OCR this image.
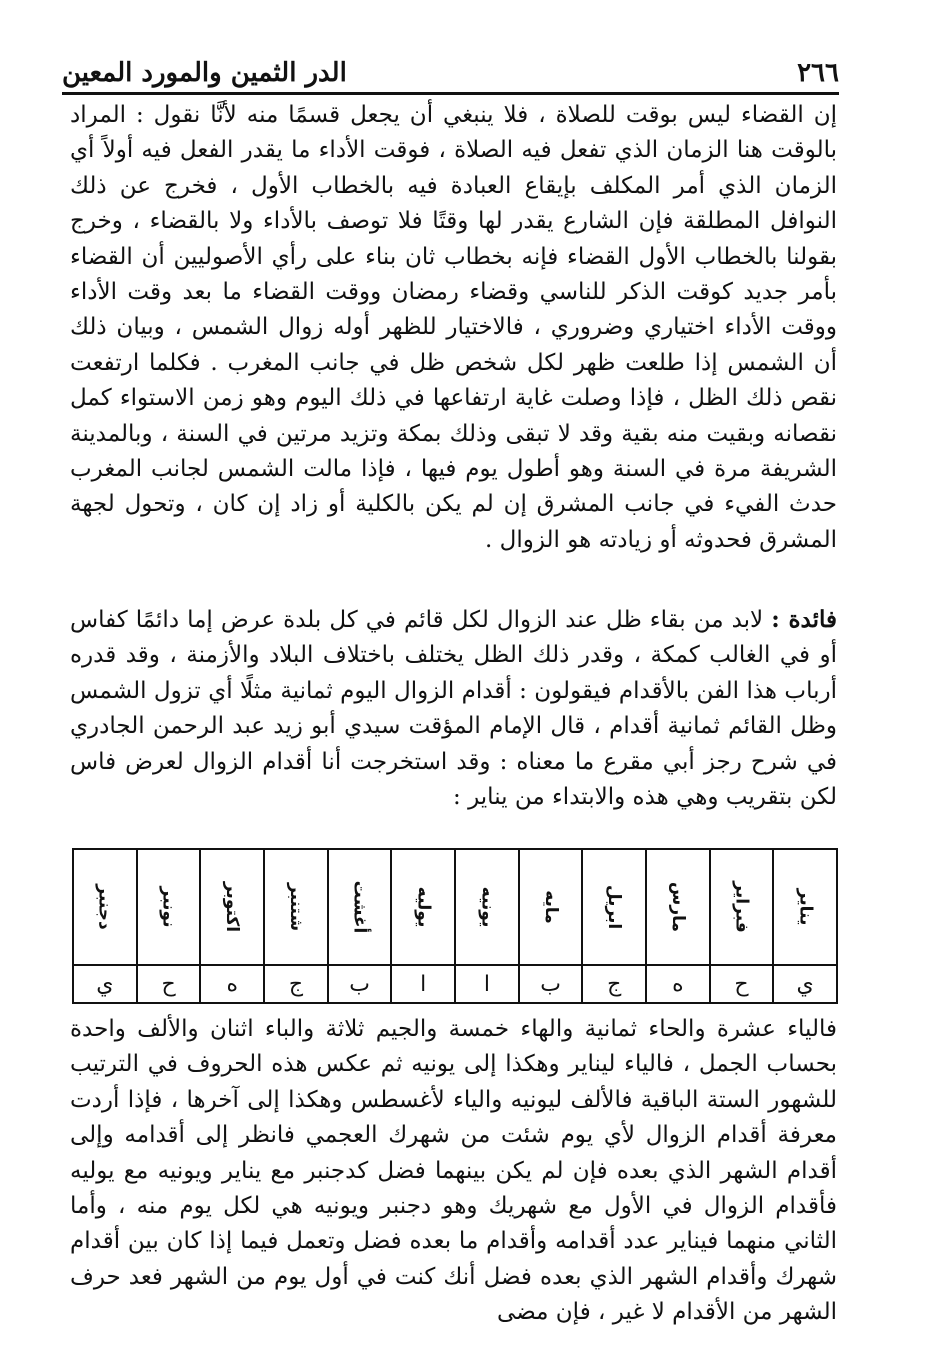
٢٦٦
الدر الثمين والمورد المعين

إن القضاء ليس بوقت للصلاة ، فلا ينبغي أن يجعل قسمًا منه لأنَّا نقول : المراد بالوقت هنا الزمان الذي تفعل فيه الصلاة ، فوقت الأداء ما يقدر الفعل فيه أولاً أي الزمان الذي أمر المكلف بإيقاع العبادة فيه بالخطاب الأول ، فخرج عن ذلك النوافل المطلقة فإن الشارع يقدر لها وقتًا فلا توصف بالأداء ولا بالقضاء ، وخرج بقولنا بالخطاب الأول القضاء فإنه بخطاب ثان بناء على رأي الأصوليين أن القضاء بأمر جديد كوقت الذكر للناسي وقضاء رمضان ووقت القضاء ما بعد وقت الأداء ووقت الأداء اختياري وضروري ، فالاختيار للظهر أوله زوال الشمس ، وبيان ذلك أن الشمس إذا طلعت ظهر لكل شخص ظل في جانب المغرب . فكلما ارتفعت نقص ذلك الظل ، فإذا وصلت غاية ارتفاعها في ذلك اليوم وهو زمن الاستواء كمل نقصانه وبقيت منه بقية وقد لا تبقى وذلك بمكة وتزيد مرتين في السنة ، وبالمدينة الشريفة مرة في السنة وهو أطول يوم فيها ، فإذا مالت الشمس لجانب المغرب حدث الفيء في جانب المشرق إن لم يكن بالكلية أو زاد إن كان ، وتحول لجهة المشرق فحدوثه أو زيادته هو الزوال .

فائدة : لابد من بقاء ظل عند الزوال لكل قائم في كل بلدة عرض إما دائمًا كفاس أو في الغالب كمكة ، وقدر ذلك الظل يختلف باختلاف البلاد والأزمنة ، وقد قدره أرباب هذا الفن بالأقدام فيقولون : أقدام الزوال اليوم ثمانية مثلًا أي تزول الشمس وظل القائم ثمانية أقدام ، قال الإمام المؤقت سيدي أبو زيد عبد الرحمن الجادري في شرح رجز أبي مقرع ما معناه : وقد استخرجت أنا أقدام الزوال لعرض فاس لكن بتقريب وهي هذه والابتداء من يناير :

يناير	فبراير	مارس	ابريل	مايه	يونيه	يوليه	أغشت	شتنبر	اكتوبر	نونبر	دجنبر
ي	ح	ه	ج	ب	ا	ا	ب	ج	ه	ح	ي

فالياء عشرة والحاء ثمانية والهاء خمسة والجيم ثلاثة والباء اثنان والألف واحدة بحساب الجمل ، فالياء ليناير وهكذا إلى يونيه ثم عكس هذه الحروف في الترتيب للشهور الستة الباقية فالألف ليونيه والياء لأغسطس وهكذا إلى آخرها ، فإذا أردت معرفة أقدام الزوال لأي يوم شئت من شهرك العجمي فانظر إلى أقدامه وإلى أقدام الشهر الذي بعده فإن لم يكن بينهما فضل كدجنبر مع يناير ويونيه مع يوليه فأقدام الزوال في الأول مع شهريك وهو دجنبر ويونيه هي لكل يوم منه ، وأما الثاني منهما فيناير عدد أقدامه وأقدام ما بعده فضل وتعمل فيما إذا كان بين أقدام شهرك وأقدام الشهر الذي بعده فضل أنك كنت في أول يوم من الشهر فعد حرف الشهر من الأقدام لا غير ، فإن مضى
